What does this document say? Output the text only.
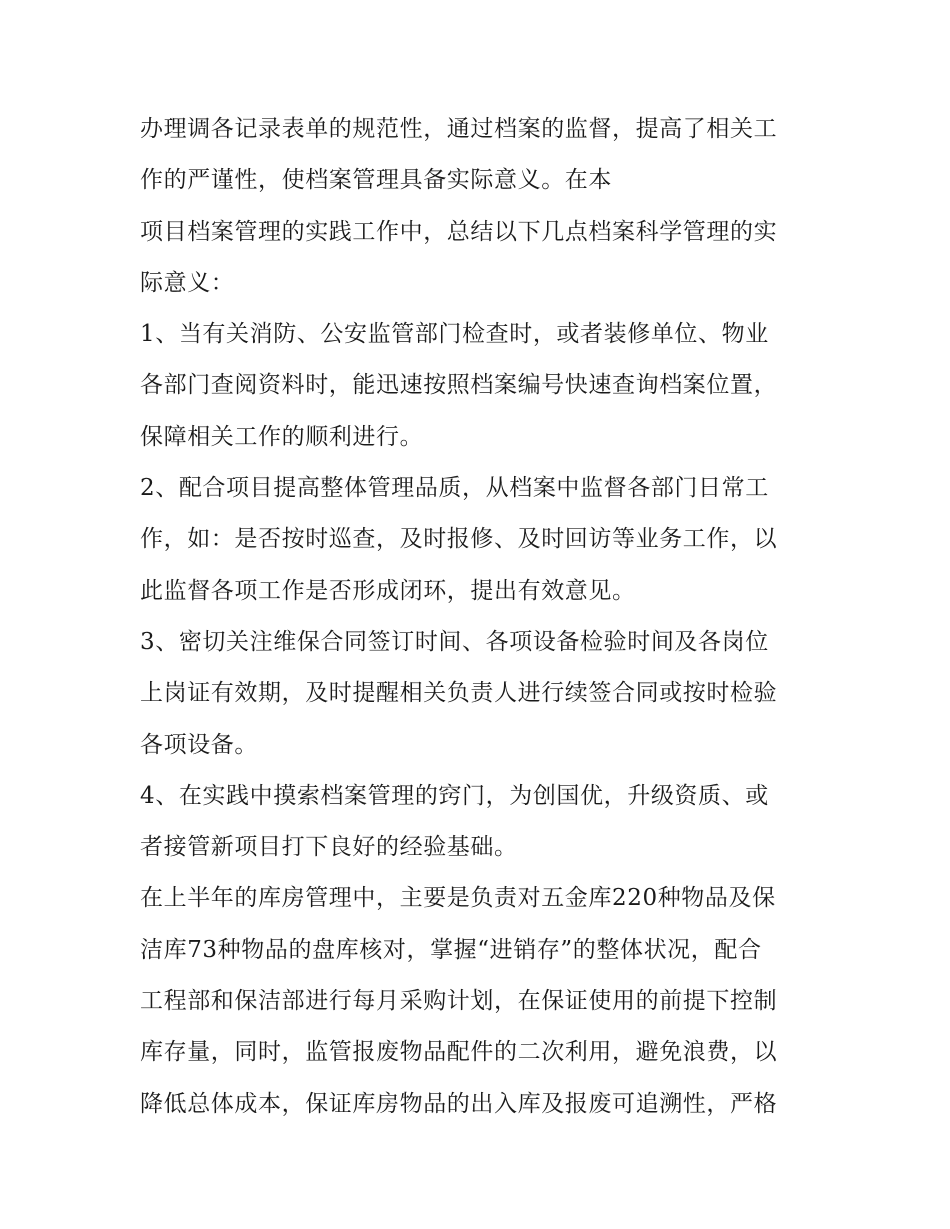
办理调各记录表单的规范性，通过档案的监督，提高了相关工
作的严谨性，使档案管理具备实际意义。在本
项目档案管理的实践工作中，总结以下几点档案科学管理的实
际意义：
1、当有关消防、公安监管部门检查时，或者装修单位、物业
各部门查阅资料时，能迅速按照档案编号快速查询档案位置，
保障相关工作的顺利进行。
2、配合项目提高整体管理品质，从档案中监督各部门日常工
作，如：是否按时巡查，及时报修、及时回访等业务工作，以
此监督各项工作是否形成闭环，提出有效意见。
3、密切关注维保合同签订时间、各项设备检验时间及各岗位
上岗证有效期，及时提醒相关负责人进行续签合同或按时检验
各项设备。
4、在实践中摸索档案管理的窍门，为创国优，升级资质、或
者接管新项目打下良好的经验基础。
在上半年的库房管理中，主要是负责对五金库220种物品及保
洁库73种物品的盘库核对，掌握“进销存”的整体状况，配合
工程部和保洁部进行每月采购计划，在保证使用的前提下控制
库存量，同时，监管报废物品配件的二次利用，避免浪费，以
降低总体成本，保证库房物品的出入库及报废可追溯性，严格
